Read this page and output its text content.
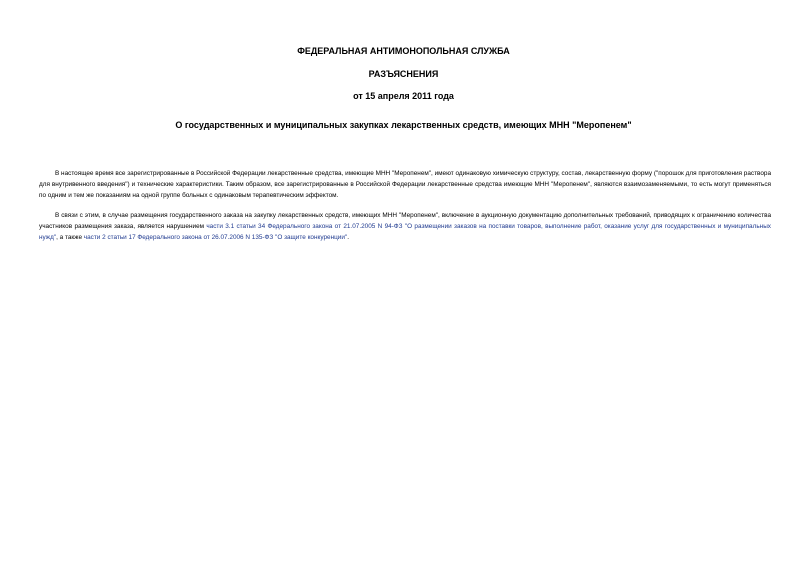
ФЕДЕРАЛЬНАЯ АНТИМОНОПОЛЬНАЯ СЛУЖБА
РАЗЪЯСНЕНИЯ
от 15 апреля 2011 года
О государственных и муниципальных закупках лекарственных средств, имеющих МНН "Меропенем"
В настоящее время все зарегистрированные в Российской Федерации лекарственные средства, имеющие МНН "Меропенем", имеют одинаковую химическую структуру, состав, лекарственную форму ("порошок для приготовления раствора для внутривенного введения") и технические характеристики. Таким образом, все зарегистрированные в Российской Федерации лекарственные средства имеющие МНН "Меропенем", являются взаимозаменяемыми, то есть могут применяться по одним и тем же показаниям на одной группе больных с одинаковым терапевтическим эффектом.
В связи с этим, в случае размещения государственного заказа на закупку лекарственных средств, имеющих МНН "Меропенем", включение в аукционную документацию дополнительных требований, приводящих к ограничению количества участников размещения заказа, является нарушением части 3.1 статьи 34 Федерального закона от 21.07.2005 N 94-ФЗ "О размещении заказов на поставки товаров, выполнение работ, оказание услуг для государственных и муниципальных нужд", а также части 2 статьи 17 Федерального закона от 26.07.2006 N 135-ФЗ "О защите конкуренции".
